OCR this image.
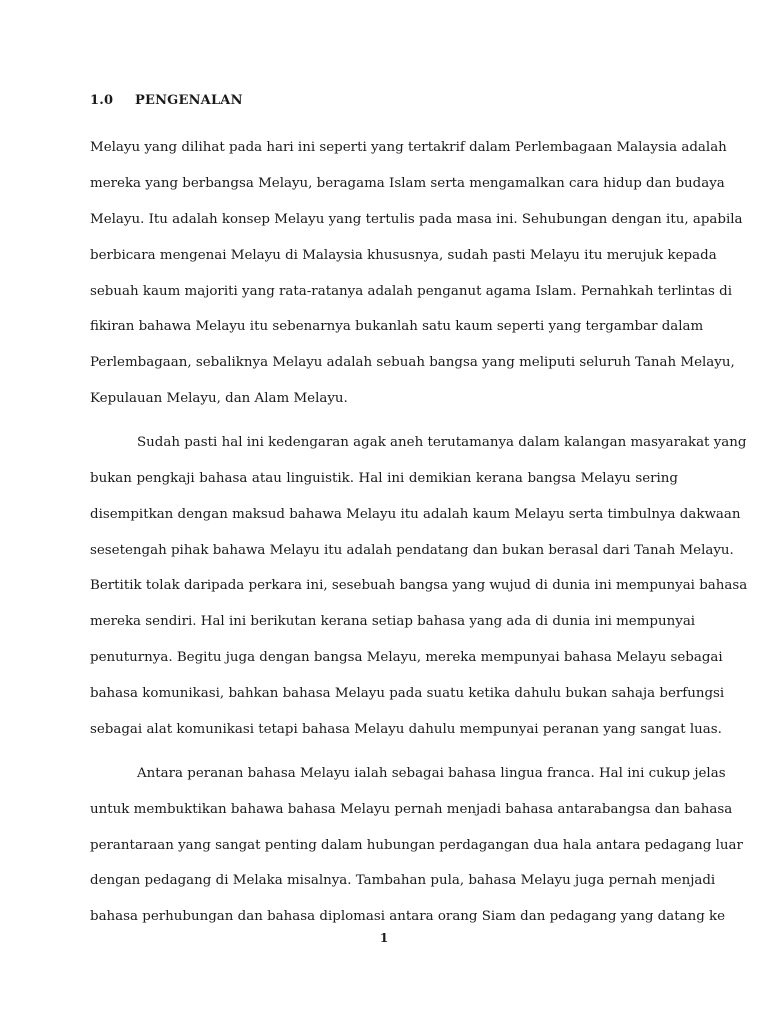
1.0	PENGENALAN
Melayu yang dilihat pada hari ini seperti yang tertakrif dalam Perlembagaan Malaysia adalah
mereka yang berbangsa Melayu, beragama Islam serta mengamalkan cara hidup dan budaya
Melayu. Itu adalah konsep Melayu yang tertulis pada masa ini. Sehubungan dengan itu, apabila
berbicara mengenai Melayu di Malaysia khususnya, sudah pasti Melayu itu merujuk kepada
sebuah kaum majoriti yang rata-ratanya adalah penganut agama Islam. Pernahkah terlintas di
fikiran bahawa Melayu itu sebenarnya bukanlah satu kaum seperti yang tergambar dalam
Perlembagaan, sebaliknya Melayu adalah sebuah bangsa yang meliputi seluruh Tanah Melayu,
Kepulauan Melayu, dan Alam Melayu.
Sudah pasti hal ini kedengaran agak aneh terutamanya dalam kalangan masyarakat yang
bukan pengkaji bahasa atau linguistik. Hal ini demikian kerana bangsa Melayu sering
disempitkan dengan maksud bahawa Melayu itu adalah kaum Melayu serta timbulnya dakwaan
sesetengah pihak bahawa Melayu itu adalah pendatang dan bukan berasal dari Tanah Melayu.
Bertitik tolak daripada perkara ini, sesebuah bangsa yang wujud di dunia ini mempunyai bahasa
mereka sendiri. Hal ini berikutan kerana setiap bahasa yang ada di dunia ini mempunyai
penuturnya. Begitu juga dengan bangsa Melayu, mereka mempunyai bahasa Melayu sebagai
bahasa komunikasi, bahkan bahasa Melayu pada suatu ketika dahulu bukan sahaja berfungsi
sebagai alat komunikasi tetapi bahasa Melayu dahulu mempunyai peranan yang sangat luas.
Antara peranan bahasa Melayu ialah sebagai bahasa lingua franca. Hal ini cukup jelas
untuk membuktikan bahawa bahasa Melayu pernah menjadi bahasa antarabangsa dan bahasa
perantaraan yang sangat penting dalam hubungan perdagangan dua hala antara pedagang luar
dengan pedagang di Melaka misalnya. Tambahan pula, bahasa Melayu juga pernah menjadi
bahasa perhubungan dan bahasa diplomasi antara orang Siam dan pedagang yang datang ke
1
